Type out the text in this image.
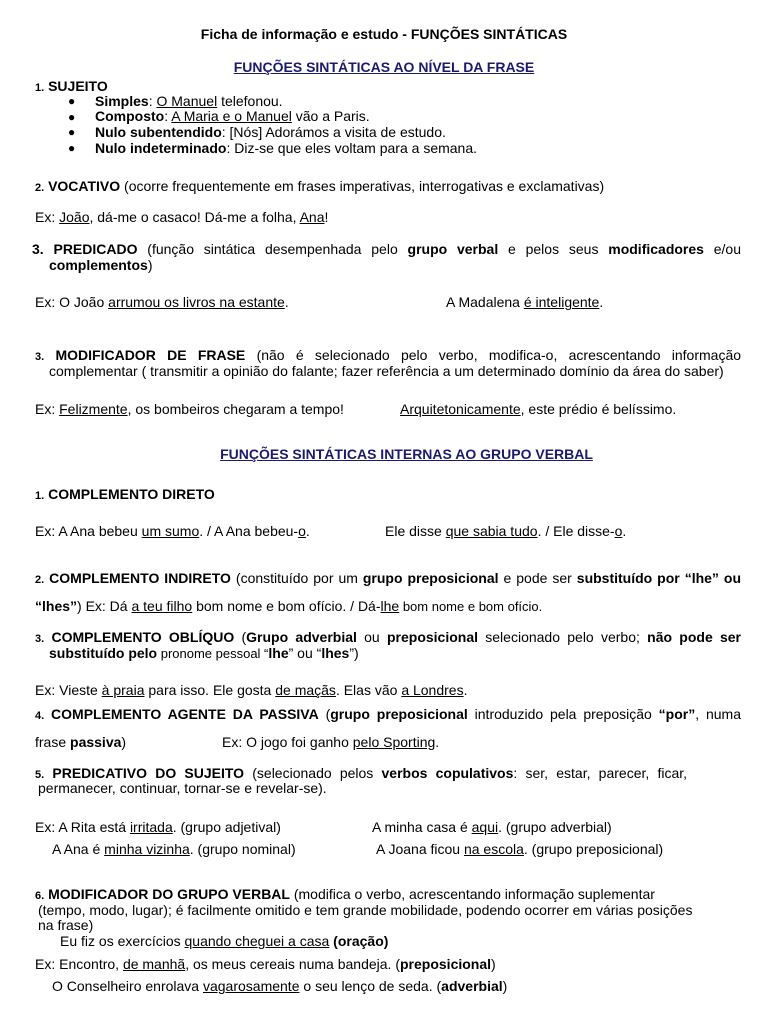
Ficha de informação e estudo - FUNÇÕES SINTÁTICAS
FUNÇÕES SINTÁTICAS AO NÍVEL DA FRASE
1. SUJEITO
● Simples: O Manuel telefonou.
● Composto: A Maria e o Manuel vão a Paris.
● Nulo subentendido: [Nós] Adorámos a visita de estudo.
● Nulo indeterminado: Diz-se que eles voltam para a semana.
2. VOCATIVO (ocorre frequentemente em frases imperativas, interrogativas e exclamativas)
Ex: João, dá-me o casaco! Dá-me a folha, Ana!
3. PREDICADO (função sintática desempenhada pelo grupo verbal e pelos seus modificadores e/ou
complementos)
Ex: O João arrumou os livros na estante.	A Madalena é inteligente.
3. MODIFICADOR DE FRASE (não é selecionado pelo verbo, modifica-o, acrescentando informação
complementar ( transmitir a opinião do falante; fazer referência a um determinado domínio da área do saber)
Ex: Felizmente, os bombeiros chegaram a tempo!	Arquitetonicamente, este prédio é belíssimo.
FUNÇÕES SINTÁTICAS INTERNAS AO GRUPO VERBAL
1. COMPLEMENTO DIRETO
Ex: A Ana bebeu um sumo. / A Ana bebeu-o.	Ele disse que sabia tudo. / Ele disse-o.
2. COMPLEMENTO INDIRETO (constituído por um grupo preposicional e pode ser substituído por “lhe” ou
“lhes”) Ex: Dá a teu filho bom nome e bom ofício. / Dá-lhe bom nome e bom ofício.
3. COMPLEMENTO OBLÍQUO (Grupo adverbial ou preposicional selecionado pelo verbo; não pode ser
substituído pelo pronome pessoal “lhe” ou “lhes”)
Ex: Vieste à praia para isso. Ele gosta de maçãs. Elas vão a Londres.
4. COMPLEMENTO AGENTE DA PASSIVA (grupo preposicional introduzido pela preposição “por”, numa
frase passiva)	Ex: O jogo foi ganho pelo Sporting.
5. PREDICATIVO DO SUJEITO (selecionado pelos verbos copulativos: ser, estar, parecer, ficar,
permanecer, continuar, tornar-se e revelar-se).
Ex: A Rita está irritada. (grupo adjetival)	A minha casa é aqui. (grupo adverbial)
A Ana é minha vizinha. (grupo nominal)	A Joana ficou na escola. (grupo preposicional)
6. MODIFICADOR DO GRUPO VERBAL (modifica o verbo, acrescentando informação suplementar
(tempo, modo, lugar); é facilmente omitido e tem grande mobilidade, podendo ocorrer em várias posições
na frase)
Eu fiz os exercícios quando cheguei a casa (oração)
Ex: Encontro, de manhã, os meus cereais numa bandeja. (preposicional)
O Conselheiro enrolava vagarosamente o seu lenço de seda. (adverbial)
